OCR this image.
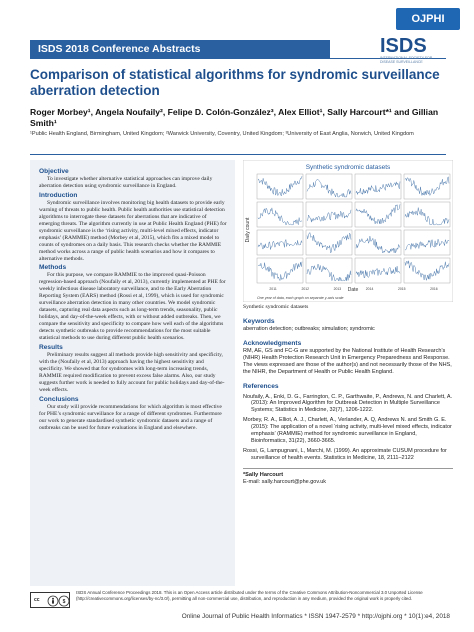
OJPHI
ISDS 2018 Conference Abstracts	ISDS
INTERNATIONAL SOCIETY FOR DISEASE SURVEILLANCE
Comparison of statistical algorithms for syndromic surveillance aberration detection
Roger Morbey¹, Angela Noufaily², Felipe D. Colón-González³, Alex Elliot¹, Sally Harcourt*¹ and Gillian Smith¹
¹Public Health England, Birmingham, United Kingdom; ²Warwick University, Coventry, United Kingdom; ³University of East Anglia, Norwich, United Kingdom
Objective

To investigate whether alternative statistical approaches can improve daily aberration detection using syndromic surveillance in England.

Introduction

Syndromic surveillance involves monitoring big health datasets to provide early warning of threats to public health. Public health authorities use statistical detection algorithms to interrogate these datasets for aberrations that are indicative of emerging threats. The algorithm currently in use at Public Health England (PHE) for syndromic surveillance is the ‘rising activity, multi-level mixed effects, indicator emphasis’ (RAMMIE) method (Morbey et al, 2015), which fits a mixed model to counts of syndromes on a daily basis. This research checks whether the RAMMIE method works across a range of public health scenarios and how it compares to alternative methods.

Methods

For this purpose, we compare RAMMIE to the improved quasi-Poisson regression-based approach (Noufaily et al, 2013), currently implemented at PHE for weekly infectious disease laboratory surveillance, and to the Early Aberration Reporting System (EARS) method (Rossi et al, 1999), which is used for syndromic surveillance aberration detection in many other countries. We model syndromic datasets, capturing real data aspects such as long-term trends, seasonality, public holidays, and day-of-the-week effects, with or without added outbreaks. Then, we compare the sensitivity and specificity to compare how well each of the algorithms detects synthetic outbreaks to provide recommendations for the most suitable statistical methods to use during different public health scenarios.

Results

Preliminary results suggest all methods provide high sensitivity and specificity, with the (Noufaily et al, 2013) approach having the highest sensitivity and specificity. We showed that for syndromes with long-term increasing trends, RAMMIE required modification to prevent excess false alarms. Also, our study suggests further work is needed to fully account for public holidays and day-of-the-week effects.

Conclusions

Our study will provide recommendations for which algorithm is most effective for PHE’s syndromic surveillance for a range of different syndromes. Furthermore our work to generate standardised synthetic syndromic datasets and a range of outbreaks can be used for future evaluations in England and elsewhere.

Synthetic syndromic datasets
Daily count
Date
One year of data, each graph on separate y-axis scale
2011	2012	2013	2014	2015	2016
Synthetic syndromic datasets
Keywords
aberration detection; outbreaks; simulation; syndromic
Acknowledgments
RM, AE, GS and FC-G are supported by the National Institute of Health Research’s (NIHR) Health Protection Research Unit in Emergency Preparedness and Response. The views expressed are those of the author(s) and not necessarily those of the NHS, the NIHR, the Department of Health or Public Health England.
References
Noufaily, A., Enki, D. G., Farrington, C. P., Garthwaite, P., Andrews, N. and Charlett, A. (2013): An Improved Algorithm for Outbreak Detection in Multiple Surveillance Systems; Statistics in Medicine, 32(7), 1206-1222.
Morbey, R. A., Elliot, A. J., Charlett, A., Verlander, A. Q, Andrews N. and Smith G. E. (2015): The application of a novel ‘rising activity, multi-level mixed effects, indicator emphasis’ (RAMMIE) method for syndromic surveillance in England, Bioinformatics, 31(22), 3660-3665.
Rossi, G, Lampugnani, L, Marchi, M. (1999). An approximate CUSUM procedure for surveillance of health events. Statistics in Medicine, 18, 2111–2122
*Sally Harcourt
E-mail: sally.harcourt@phe.gov.uk
cc	$
ISDS Annual Conference Proceedings 2018. This is an Open Access article distributed under the terms of the Creative Commons Attribution-Noncommercial 3.0 Unported License (http://creativecommons.org/licenses/by-nc/3.0/), permitting all non-commercial use, distribution, and reproduction in any medium, provided the original work is properly cited.
Online Journal of Public Health Informatics * ISSN 1947-2579 * http://ojphi.org * 10(1):e4, 2018
